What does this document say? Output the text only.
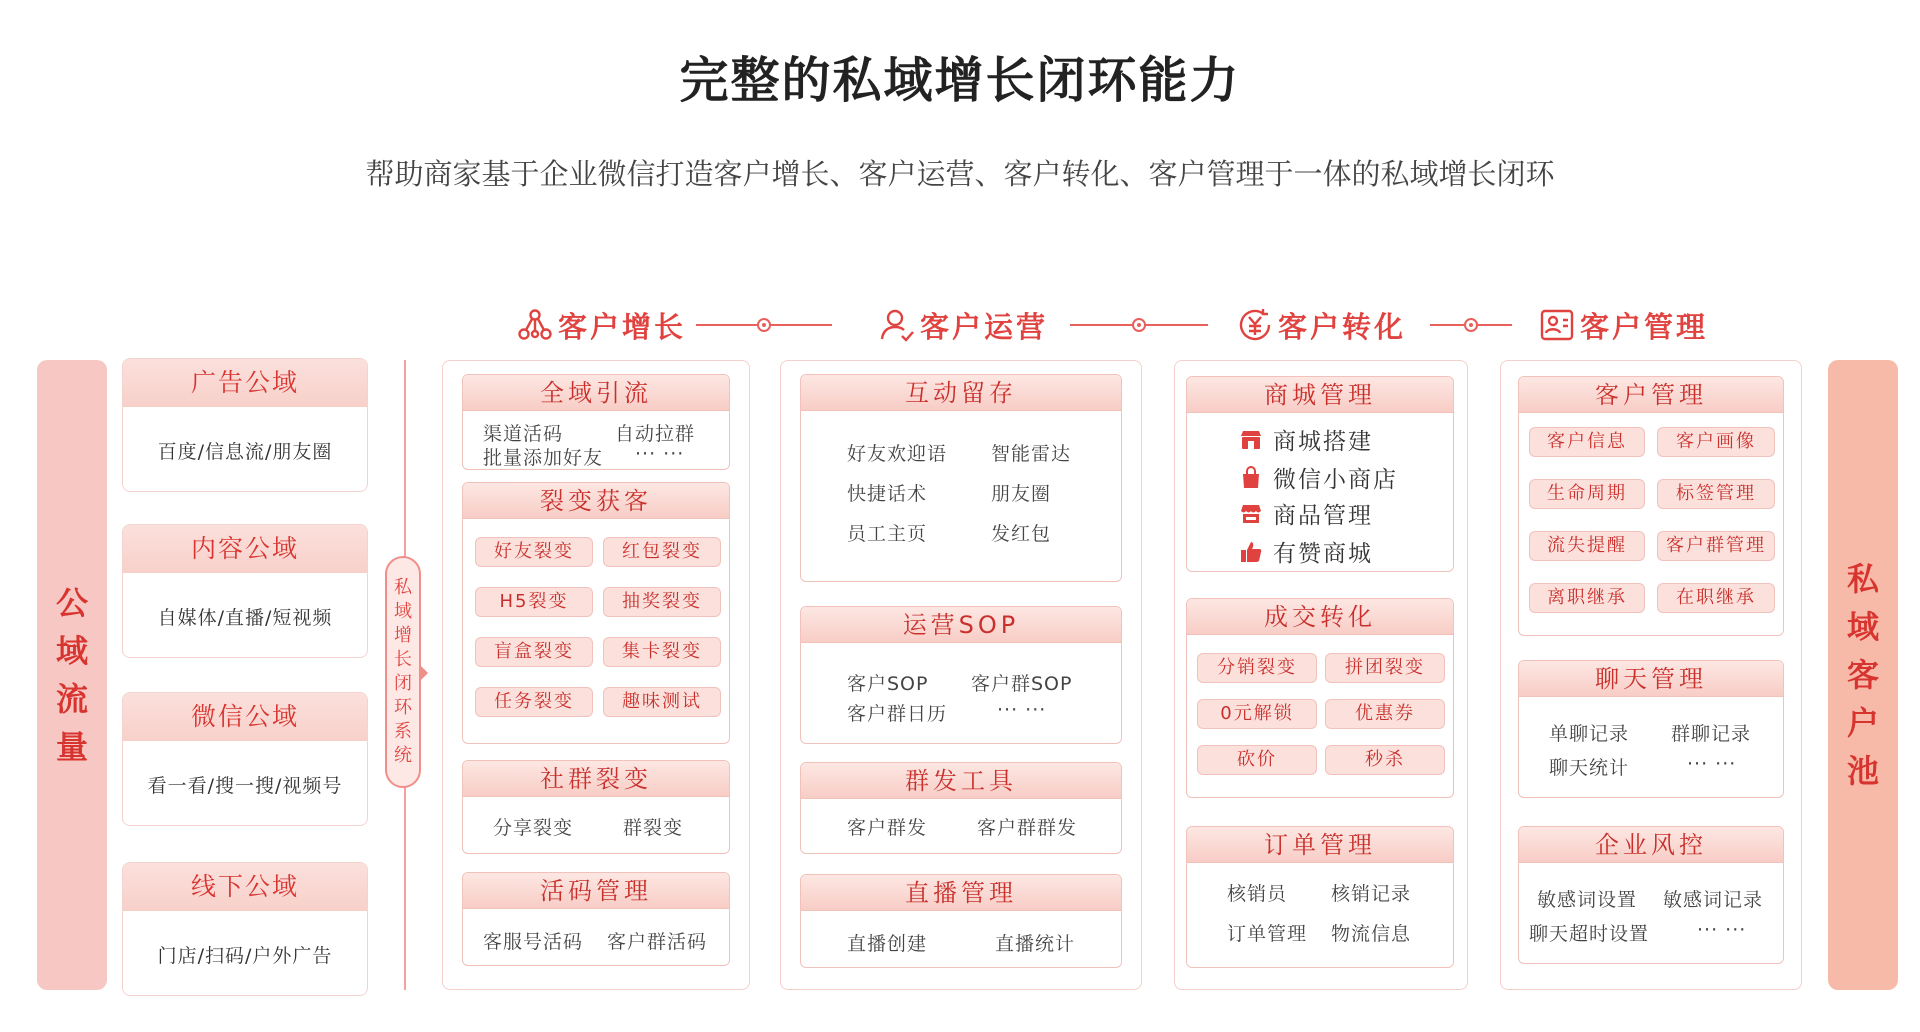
完整的私域增长闭环能力
帮助商家基于企业微信打造客户增长、客户运营、客户转化、客户管理于一体的私域增长闭环
客户增长	客户运营	客户转化	客户管理
公
域
流
量
广告公域
百度/信息流/朋友圈
内容公域
自媒体/直播/短视频
微信公域
看一看/搜一搜/视频号
线下公域
门店/扫码/户外广告
私
域
增
长
闭
环
系
统
全域引流
渠道活码	自动拉群
批量添加好友 ··· ···
裂变获客
好友裂变	红包裂变
H5裂变	抽奖裂变
盲盒裂变	集卡裂变
任务裂变	趣味测试
社群裂变
分享裂变	群裂变
活码管理
客服号活码 客户群活码
互动留存
好友欢迎语 智能雷达
快捷话术	朋友圈
员工主页	发红包
运营SOP
客户SOP 客户群SOP
客户群日历	··· ···
群发工具
客户群发	客户群群发
直播管理
直播创建	直播统计
商城管理
商城搭建
微信小商店
商品管理
有赞商城
成交转化
分销裂变	拼团裂变
0元解锁	优惠券
砍价	秒杀
订单管理
核销员 核销记录
订单管理 物流信息
客户管理
客户信息	客户画像
生命周期	标签管理
流失提醒	客户群管理
离职继承	在职继承
聊天管理
单聊记录 群聊记录
聊天统计	··· ···
企业风控
敏感词设置 敏感词记录
聊天超时设置	··· ···
私
域
客
户
池
